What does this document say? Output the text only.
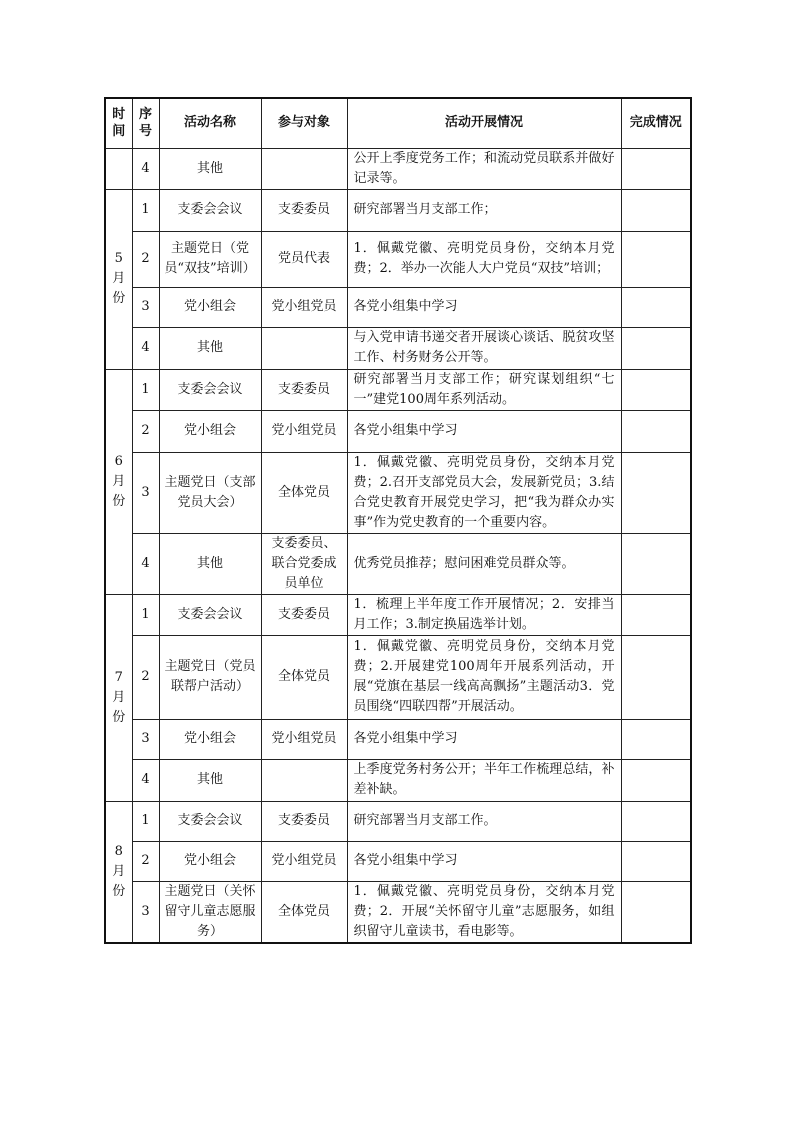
时间	序号	活动名称	参与对象	活动开展情况	完成情况
	4	其他		公开上季度党务工作；和流动党员联系并做好记录等。	
5月份	1	支委会会议	支委委员	研究部署当月支部工作；	
	2	主题党日（党员“双技”培训）	党员代表	1．佩戴党徽、亮明党员身份，交纳本月党费；2．举办一次能人大户党员“双技”培训；	
	3	党小组会	党小组党员	各党小组集中学习	
	4	其他		与入党申请书递交者开展谈心谈话、脱贫攻坚工作、村务财务公开等。	
6月份	1	支委会会议	支委委员	研究部署当月支部工作；研究谋划组织“七一”建党100周年系列活动。	
	2	党小组会	党小组党员	各党小组集中学习	
	3	主题党日（支部党员大会）	全体党员	1．佩戴党徽、亮明党员身份，交纳本月党费；2.召开支部党员大会，发展新党员；3.结合党史教育开展党史学习，把“我为群众办实事”作为党史教育的一个重要内容。	
	4	其他	支委委员、联合党委成员单位	优秀党员推荐；慰问困难党员群众等。	
7月份	1	支委会会议	支委委员	1．梳理上半年度工作开展情况；2．安排当月工作；3.制定换届选举计划。	
	2	主题党日（党员联帮户活动）	全体党员	1．佩戴党徽、亮明党员身份，交纳本月党费；2.开展建党100周年开展系列活动，开展“党旗在基层一线高高飘扬”主题活动3．党员围绕“四联四帮”开展活动。	
	3	党小组会	党小组党员	各党小组集中学习	
	4	其他		上季度党务村务公开；半年工作梳理总结，补差补缺。	
8月份	1	支委会会议	支委委员	研究部署当月支部工作。	
	2	党小组会	党小组党员	各党小组集中学习	
	3	主题党日（关怀留守儿童志愿服务）	全体党员	1．佩戴党徽、亮明党员身份，交纳本月党费；2．开展“关怀留守儿童”志愿服务，如组织留守儿童读书，看电影等。	
